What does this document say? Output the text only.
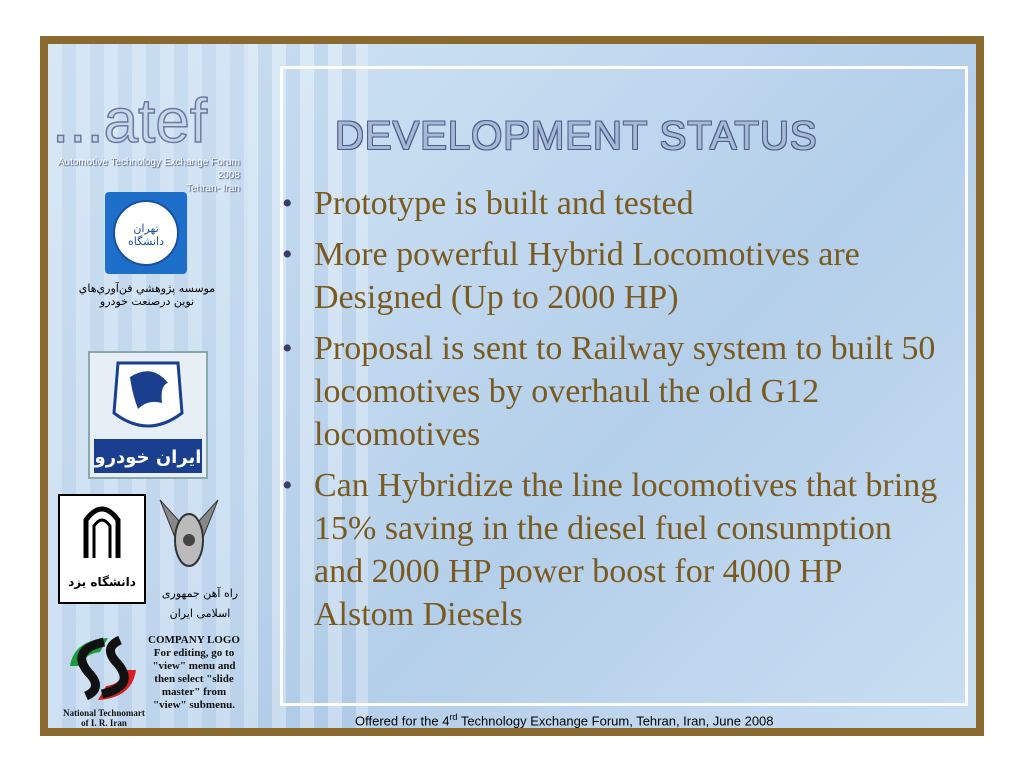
...atef
Automotive Technology Exchange Forum 2008
Tehran- Iran
تهران دانشگاه
موسسه پژوهشي فن‌آوري‌هاي
نوين درصنعت خودرو
ایران خودرو
دانشگاه یزد
راه آهن جمهوری
اسلامی ایران
National Technomart
of I. R. Iran
COMPANY LOGO For editing, go to "view" menu and then select "slide master" from "view" submenu.
DEVELOPMENT STATUS
• Prototype is built and tested
• More powerful Hybrid Locomotives are Designed (Up to 2000 HP)
• Proposal is sent to Railway system to built 50 locomotives by overhaul the old G12 locomotives
• Can Hybridize the line locomotives that bring 15% saving in the diesel fuel consumption and 2000 HP power boost for 4000 HP Alstom Diesels
Offered for the 4rd Technology Exchange Forum, Tehran, Iran, June 2008
